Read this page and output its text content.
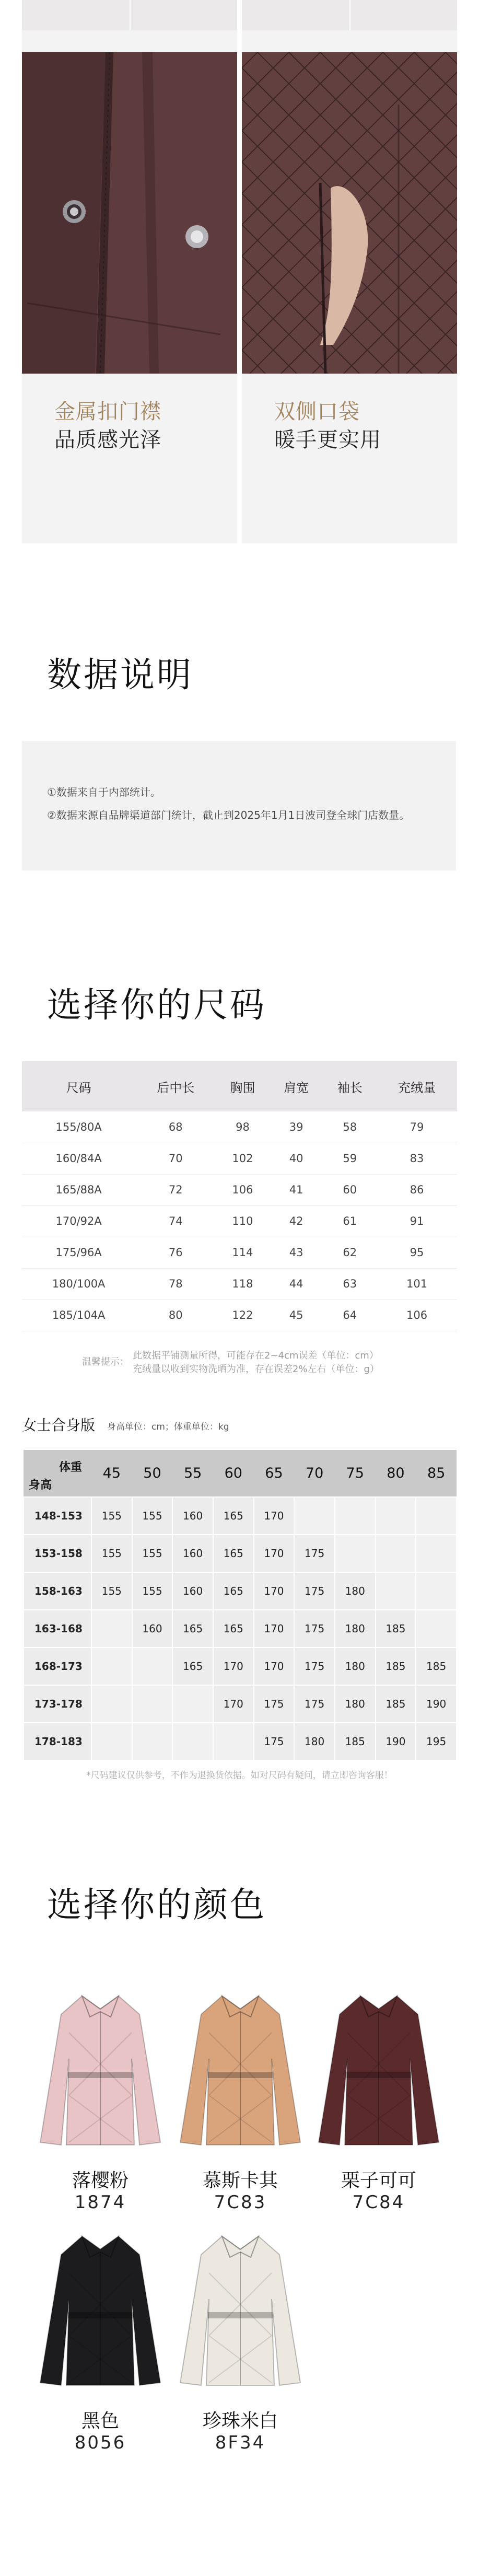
金属扣门襟
品质感光泽
双侧口袋
暖手更实用
数据说明
①数据来自于内部统计。
②数据来源自品牌渠道部门统计，截止到2025年1月1日波司登全球门店数量。
选择你的尺码
尺码	后中长	胸围	肩宽	袖长	充绒量
155/80A	68	98	39	58	79
160/84A	70	102	40	59	83
165/88A	72	106	41	60	86
170/92A	74	110	42	61	91
175/96A	76	114	43	62	95
180/100A	78	118	44	63	101
185/104A	80	122	45	64	106
温馨提示：
此数据平铺测量所得，可能存在2~4cm误差（单位：cm）
充绒量以收到实物洗晒为准，存在误差2%左右（单位：g）
女士合身版 身高单位：cm；体重单位：kg
体重
身高	45	50	55	60	65	70	75	80	85
148-153	155	155	160	165	170				
153-158	155	155	160	165	170	175			
158-163	155	155	160	165	170	175	180		
163-168		160	165	165	170	175	180	185	
168-173			165	170	170	175	180	185	185
173-178				170	175	175	180	185	190
178-183					175	180	185	190	195
*尺码建议仅供参考，不作为退换货依据。如对尺码有疑问，请立即咨询客服！
选择你的颜色
落樱粉
1874
慕斯卡其
7C83
栗子可可
7C84
黑色
8056
珍珠米白
8F34
